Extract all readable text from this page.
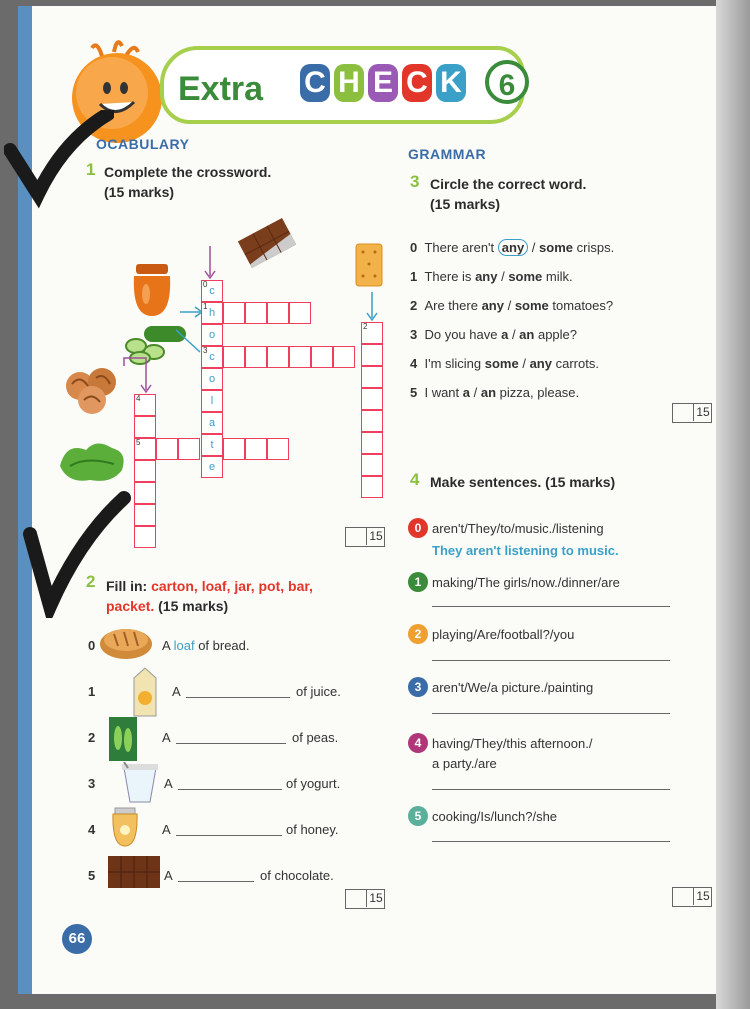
Extra C H E C K	6
OCABULARY
1 Complete the crossword.
(15 marks)
0
c
1
h
o
3
c
o
l
a
t
e
2
4
5
15
2 Fill in: carton, loaf, jar, pot, bar,
packet. (15 marks)
0	A loaf of bread.
1	A	of juice.
2	A	of peas.
3	A	of yogurt.
4	A	of honey.
5	A	of chocolate.
15
66
GRAMMAR
3 Circle the correct word.
(15 marks)
0 There aren't any / some crisps.
1 There is any / some milk.
2 Are there any / some tomatoes?
3 Do you have a / an apple?
4 I'm slicing some / any carrots.
5 I want a / an pizza, please.
15
4 Make sentences. (15 marks)
0 aren't/They/to/music./listening
They aren't listening to music.
1 making/The girls/now./dinner/are
2 playing/Are/football?/you
3 aren't/We/a picture./painting
4 having/They/this afternoon./
a party./are
5 cooking/Is/lunch?/she
15
